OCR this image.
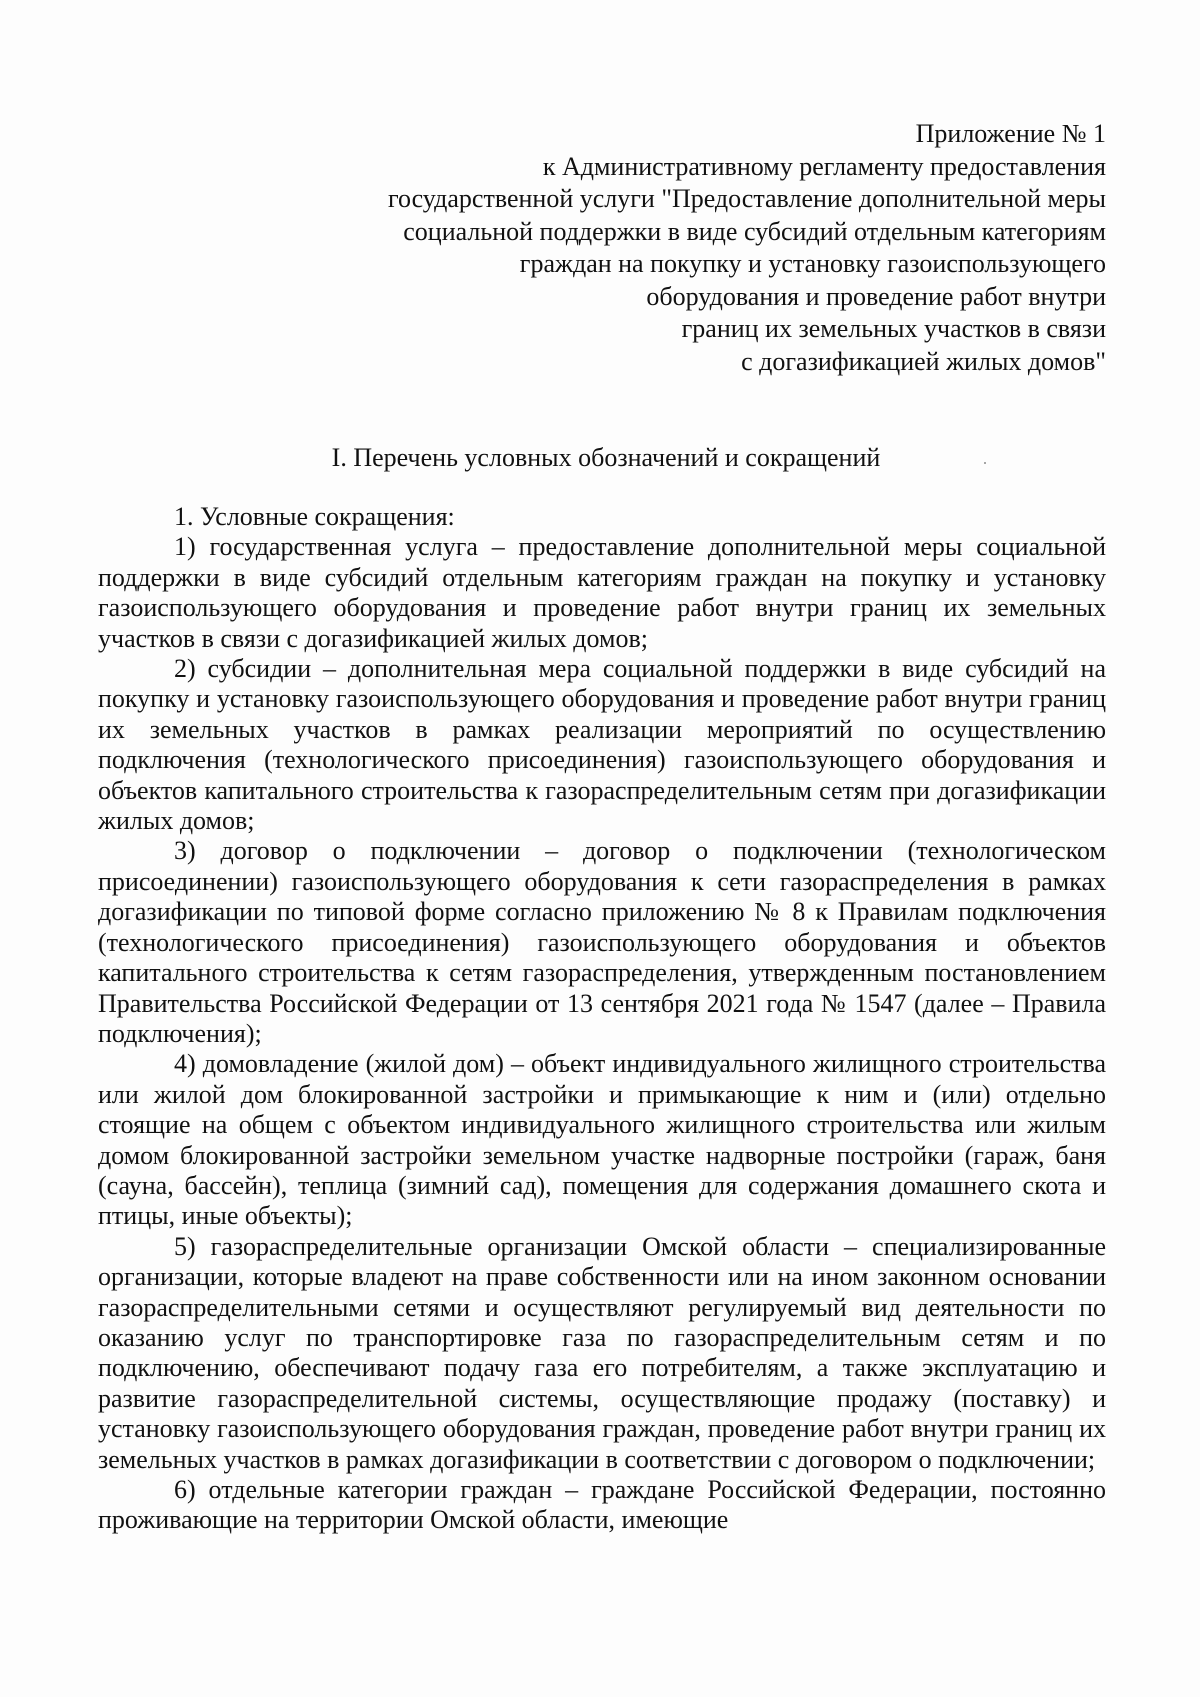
Приложение № 1
к Административному регламенту предоставления
государственной услуги "Предоставление дополнительной меры
социальной поддержки в виде субсидий отдельным категориям
граждан на покупку и установку газоиспользующего
оборудования и проведение работ внутри
границ их земельных участков в связи
с догазификацией жилых домов"
I. Перечень условных обозначений и сокращений

1. Условные сокращения:

1) государственная услуга – предоставление дополнительной меры социальной поддержки в виде субсидий отдельным категориям граждан на покупку и установку газоиспользующего оборудования и проведение работ внутри границ их земельных участков в связи с догазификацией жилых домов;

2) субсидии – дополнительная мера социальной поддержки в виде субсидий на покупку и установку газоиспользующего оборудования и проведение работ внутри границ их земельных участков в рамках реализации мероприятий по осуществлению подключения (технологического присоединения) газоиспользующего оборудования и объектов капитального строительства к газораспределительным сетям при догазификации жилых домов;

3) договор о подключении – договор о подключении (технологическом присоединении) газоиспользующего оборудования к сети газораспределения в рамках догазификации по типовой форме согласно приложению № 8 к Правилам подключения (технологического присоединения) газоиспользующего оборудования и объектов капитального строительства к сетям газораспределения, утвержденным постановлением Правительства Российской Федерации от 13 сентября 2021 года № 1547 (далее – Правила подключения);

4) домовладение (жилой дом) – объект индивидуального жилищного строительства или жилой дом блокированной застройки и примыкающие к ним и (или) отдельно стоящие на общем с объектом индивидуального жилищного строительства или жилым домом блокированной застройки земельном участке надворные постройки (гараж, баня (сауна, бассейн), теплица (зимний сад), помещения для содержания домашнего скота и птицы, иные объекты);

5) газораспределительные организации Омской области – специализированные организации, которые владеют на праве собственности или на ином законном основании газораспределительными сетями и осуществляют регулируемый вид деятельности по оказанию услуг по транспортировке газа по газораспределительным сетям и по подключению, обеспечивают подачу газа его потребителям, а также эксплуатацию и развитие газораспределительной системы, осуществляющие продажу (поставку) и установку газоиспользующего оборудования граждан, проведение работ внутри границ их земельных участков в рамках догазификации в соответствии с договором о подключении;

6) отдельные категории граждан – граждане Российской Федерации, постоянно проживающие на территории Омской области, имеющие
